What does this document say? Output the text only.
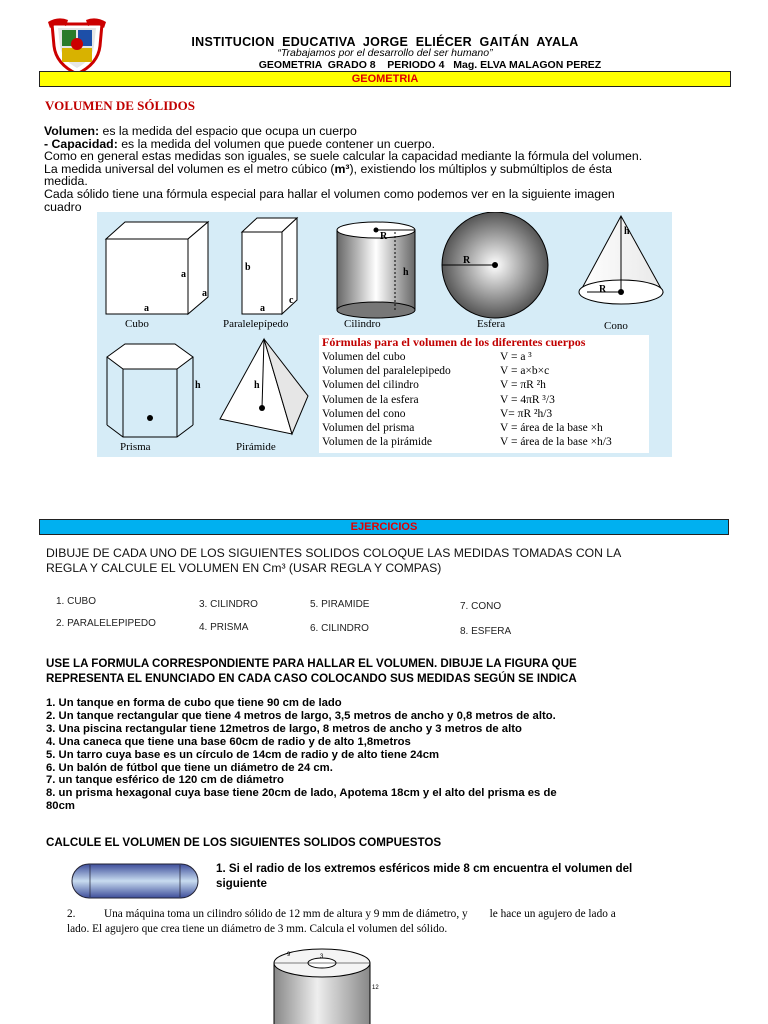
INSTITUCION  EDUCATIVA  JORGE  ELIÉCER  GAITÁN  AYALA
“Trabajamos por el desarrollo del ser humano”
GEOMETRIA  GRADO 8    PERIODO 4   Mag. ELVA MALAGON PEREZ
GEOMETRIA
VOLUMEN DE SÓLIDOS
Volumen: es la medida del espacio que ocupa un cuerpo
- Capacidad: es la medida del volumen que puede contener un cuerpo.
Como en general estas medidas son iguales, se suele calcular la capacidad mediante la fórmula del volumen.
La medida universal del volumen es el metro cúbico (m³), existiendo los múltiplos y submúltiplos de ésta
medida.
Cada sólido tiene una fórmula especial para hallar el volumen como podemos ver en la siguiente imagen
cuadro
a
a
a
b
a
c
R
h
R
h
R
h	h
Cubo	Paralelepípedo	Cilindro	Esfera	Cono
Prisma	Pirámide
Fórmulas para el volumen de los diferentes cuerpos
Volumen del cubo	V = a ³
Volumen del paralelepipedo	V = a×b×c
Volumen del cilindro	V = πR ²h
Volumen de la esfera	V = 4πR ³/3
Volumen del cono	V= πR ²h/3
Volumen del prisma	V = área de la base ×h
Volumen de la pirámide	V = área de la base ×h/3
EJERCICIOS
DIBUJE DE CADA UNO DE LOS SIGUIENTES SOLIDOS COLOQUE LAS MEDIDAS TOMADAS CON LA
REGLA Y CALCULE EL VOLUMEN EN Cm³ (USAR REGLA Y COMPAS)
1. CUBO	3. CILINDRO	5. PIRAMIDE	7. CONO
2. PARALELEPIPEDO	4. PRISMA	6. CILINDRO	8. ESFERA
USE LA FORMULA CORRESPONDIENTE PARA HALLAR EL VOLUMEN. DIBUJE LA FIGURA QUE
REPRESENTA EL ENUNCIADO EN CADA CASO COLOCANDO SUS MEDIDAS SEGÚN SE INDICA
1. Un tanque en forma de cubo que tiene 90 cm de lado
2. Un tanque rectangular que tiene 4 metros de largo, 3,5 metros de ancho y 0,8 metros de alto.
3. Una piscina rectangular tiene 12metros de largo, 8 metros de ancho y 3 metros de alto
4. Una caneca que tiene una base 60cm de radio y de alto 1,8metros
5. Un tarro cuya base es un círculo de 14cm de radio y de alto tiene 24cm
6. Un balón de fútbol que tiene un diámetro de 24 cm.
7. un tanque esférico de 120 cm de diámetro
8. un prisma hexagonal cuya base tiene 20cm de lado, Apotema 18cm y el alto del prisma es de
80cm
CALCULE EL VOLUMEN DE LOS SIGUIENTES SOLIDOS COMPUESTOS
1. Si el radio de los extremos esféricos mide 8 cm encuentra el volumen del
siguiente
2.	Una máquina toma un cilindro sólido de 12 mm de altura y 9 mm de diámetro, y le hace un agujero de lado a
lado. El agujero que crea tiene un diámetro de 3 mm. Calcula el volumen del sólido.
9	3
12
